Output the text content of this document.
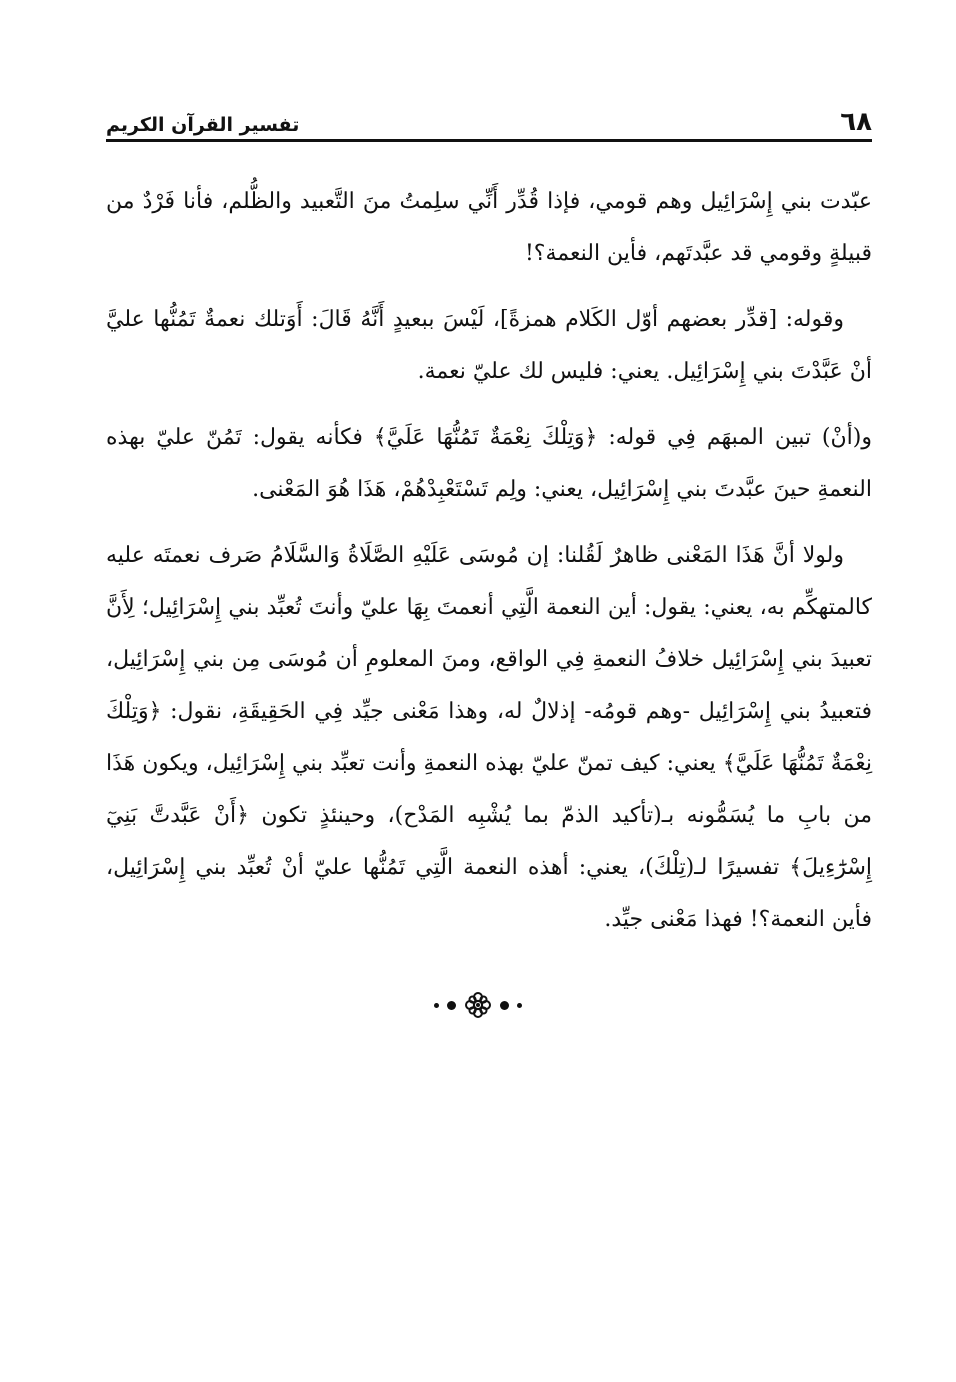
٦٨
تفسير القرآن الكريم

عبّدت بني إِسْرَائِيل وهم قومي، فإذا قُدِّر أَنِّي سلِمتُ منَ التَّعبيد والظُّلم، فأنا فَرْدٌ من قبيلةٍ وقومي قد عبَّدتَهم، فأين النعمة؟!

وقوله: [قدِّر بعضهم أوّل الكَلام همزةً]، لَيْسَ ببعيدٍ أَنَّهُ قَالَ: أَوَتلك نعمةٌ تَمُنُّها عليَّ أنْ عَبَّدْتَ بني إِسْرَائِيل. يعني: فليس لك عليّ نعمة.

و(أنْ) تبين المبهَم فِي قوله: ﴿وَتِلْكَ نِعْمَةٌ تَمُنُّهَا عَلَيَّ﴾ فكأنه يقول: تَمُنّ عليّ بهذه النعمةِ حينَ عبَّدتَ بني إِسْرَائِيل، يعني: ولِم تَسْتَعْبِدْهُمْ، هَذَا هُوَ المَعْنى.

ولولا أنَّ هَذَا المَعْنى ظاهرٌ لَقُلنا: إن مُوسَى عَلَيْهِ الصَّلَاةُ وَالسَّلَامُ صَرف نعمتَه عليه كالمتهكِّم به، يعني: يقول: أين النعمة الَّتِي أنعمتَ بِهَا عليّ وأنتَ تُعبِّد بني إِسْرَائِيل؛ لِأَنَّ تعبيدَ بني إِسْرَائِيل خلافُ النعمةِ فِي الواقع، ومنَ المعلومِ أن مُوسَى مِن بني إِسْرَائِيل، فتعبيدُ بني إِسْرَائِيل -وهم قومُه- إذلالٌ له، وهذا مَعْنى جيِّد فِي الحَقِيقَةِ، نقول: ﴿وَتِلْكَ نِعْمَةٌ تَمُنُّهَا عَلَيَّ﴾ يعني: كيف تمنّ عليّ بهذه النعمةِ وأنت تعبِّد بني إِسْرَائِيل، ويكون هَذَا من بابِ ما يُسَمُّونه بـ(تأكيد الذمّ بما يُشْبِه المَدْح)، وحينئذٍ تكون ﴿أَنْ عَبَّدتَّ بَنِيٓ إِسْرَٰٓءِيلَ﴾ تفسيرًا لـ(تِلْكَ)، يعني: أهذه النعمة الَّتِي تَمُنُّها عليّ أنْ تُعبِّد بني إِسْرَائِيل، فأين النعمة؟! فهذا مَعْنى جيِّد.
